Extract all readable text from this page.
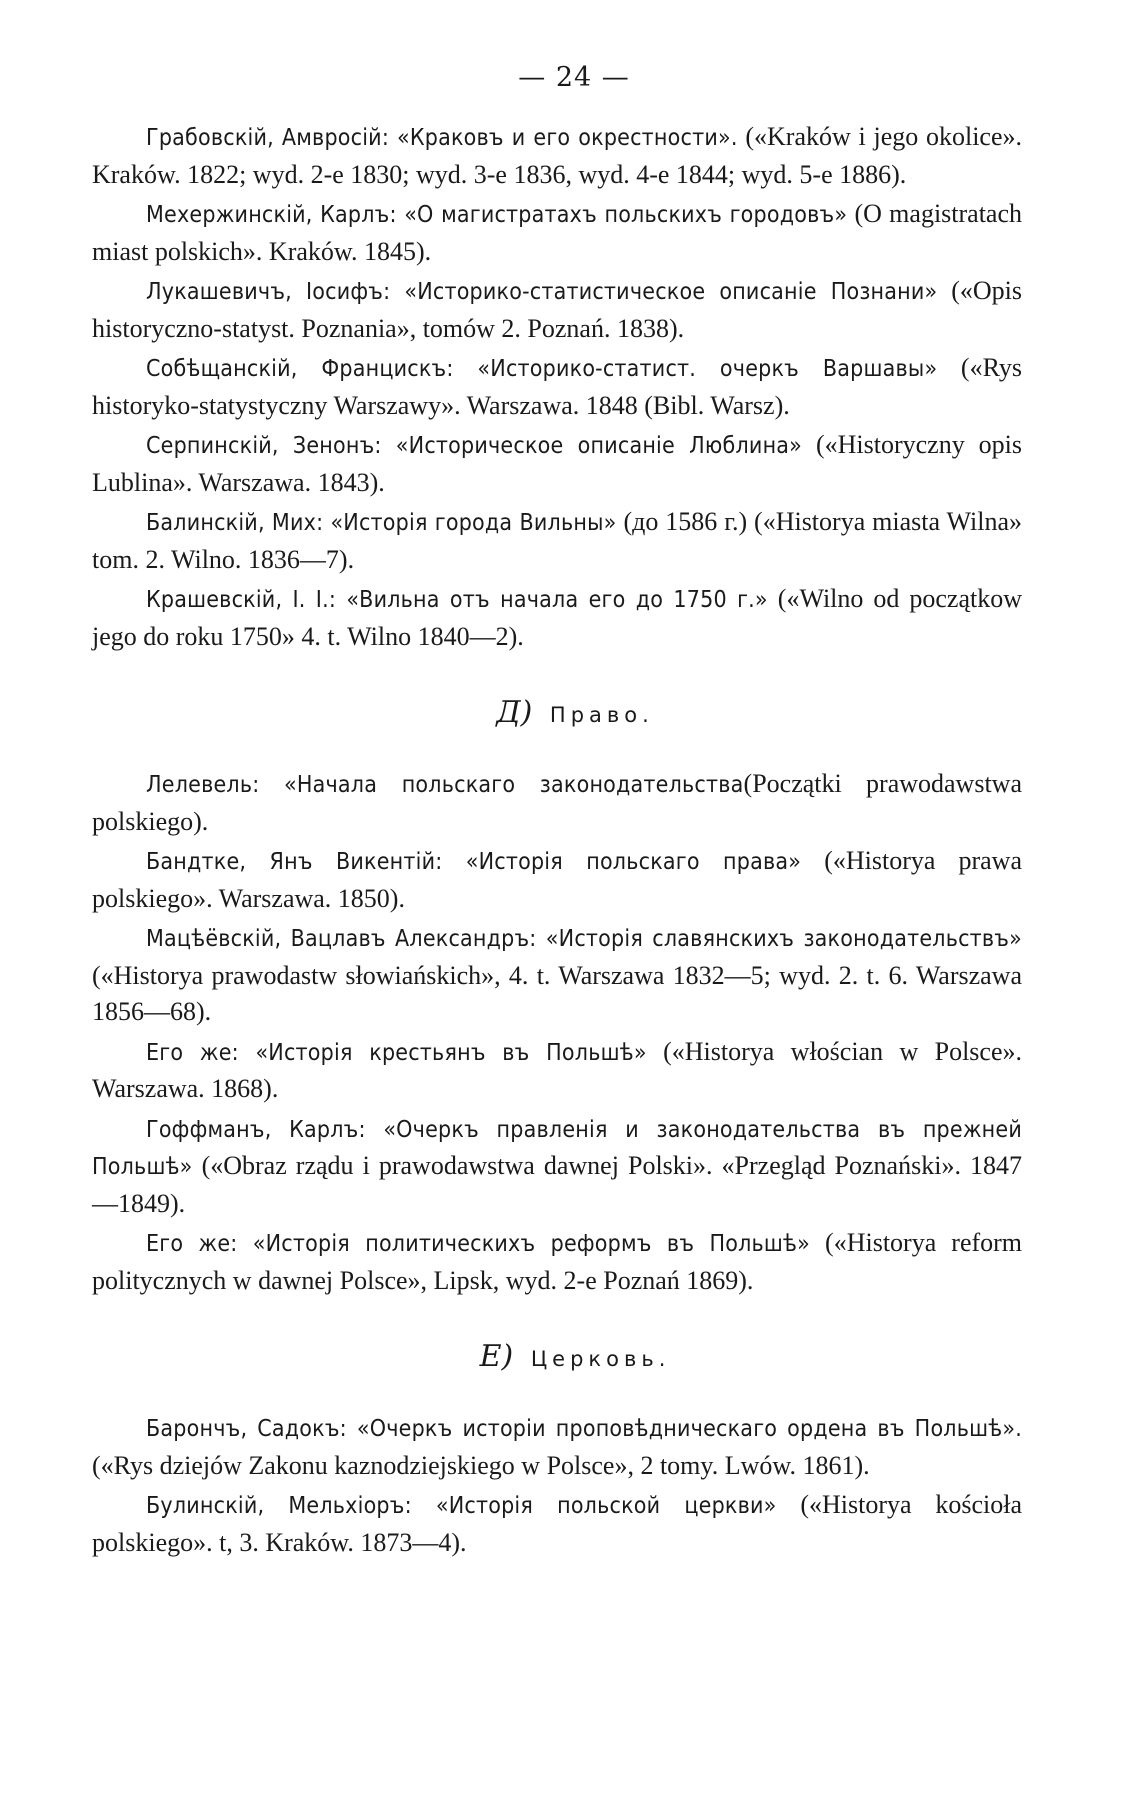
— 24 —

Грабовскій, Амвросій: «Краковъ и его окрестности». («Kraków i jego okolice». Kraków. 1822; wyd. 2-e 1830; wyd. 3-e 1836, wyd. 4-e 1844; wyd. 5-e 1886).

Мехержинскій, Карлъ: «О магистратахъ польскихъ городовъ» (O magistratach miast polskich». Kraków. 1845).

Лукашевичъ, Іосифъ: «Историко-статистическое описаніе Познани» («Opis historyczno-statyst. Poznania», tomów 2. Poznań. 1838).

Собѣщанскій, Францискъ: «Историко-статист. очеркъ Варшавы» («Rys historyko-statystyczny Warszawy». Warszawa. 1848 (Bibl. Warsz).

Серпинскій, Зенонъ: «Историческое описаніе Люблина» («Historyczny opis Lublina». Warszawa. 1843).

Балинскій, Мих: «Исторія города Вильны» (до 1586 г.) («Historya miasta Wilna» tom. 2. Wilno. 1836—7).

Крашевскій, I. I.: «Вильна отъ начала его до 1750 г.» («Wilno od początkow jego do roku 1750» 4. t. Wilno 1840—2).

Д) Право.

Лелевель: «Начала польскаго законодательства(Początki prawodawstwa polskiego).

Бандтке, Янъ Викентій: «Исторія польскаго права» («Historya prawa polskiego». Warszawa. 1850).

Мацѣёвскій, Вацлавъ Александръ: «Исторія славянскихъ законодательствъ» («Historya prawodastw słowiańskich», 4. t. Warszawa 1832—5; wyd. 2. t. 6. Warszawa 1856—68).

Его же: «Исторія крестьянъ въ Польшѣ» («Historya włościan w Polsce». Warszawa. 1868).

Гоффманъ, Карлъ: «Очеркъ правленія и законодательства въ прежней Польшѣ» («Obraz rządu i prawodawstwa dawnej Polski». «Przegląd Poznański». 1847—1849).

Его же: «Исторія политическихъ реформъ въ Польшѣ» («Historya reform politycznych w dawnej Polsce», Lipsk, wyd. 2-e Poznań 1869).

E) Церковь.

Барончъ, Садокъ: «Очеркъ исторіи проповѣдническаго ордена въ Польшѣ». («Rys dziejów Zakonu kaznodziejskiego w Polsce», 2 tomy. Lwów. 1861).

Булинскій, Мельхіоръ: «Исторія польской церкви» («Historya kościoła polskiego». t, 3. Kraków. 1873—4).
